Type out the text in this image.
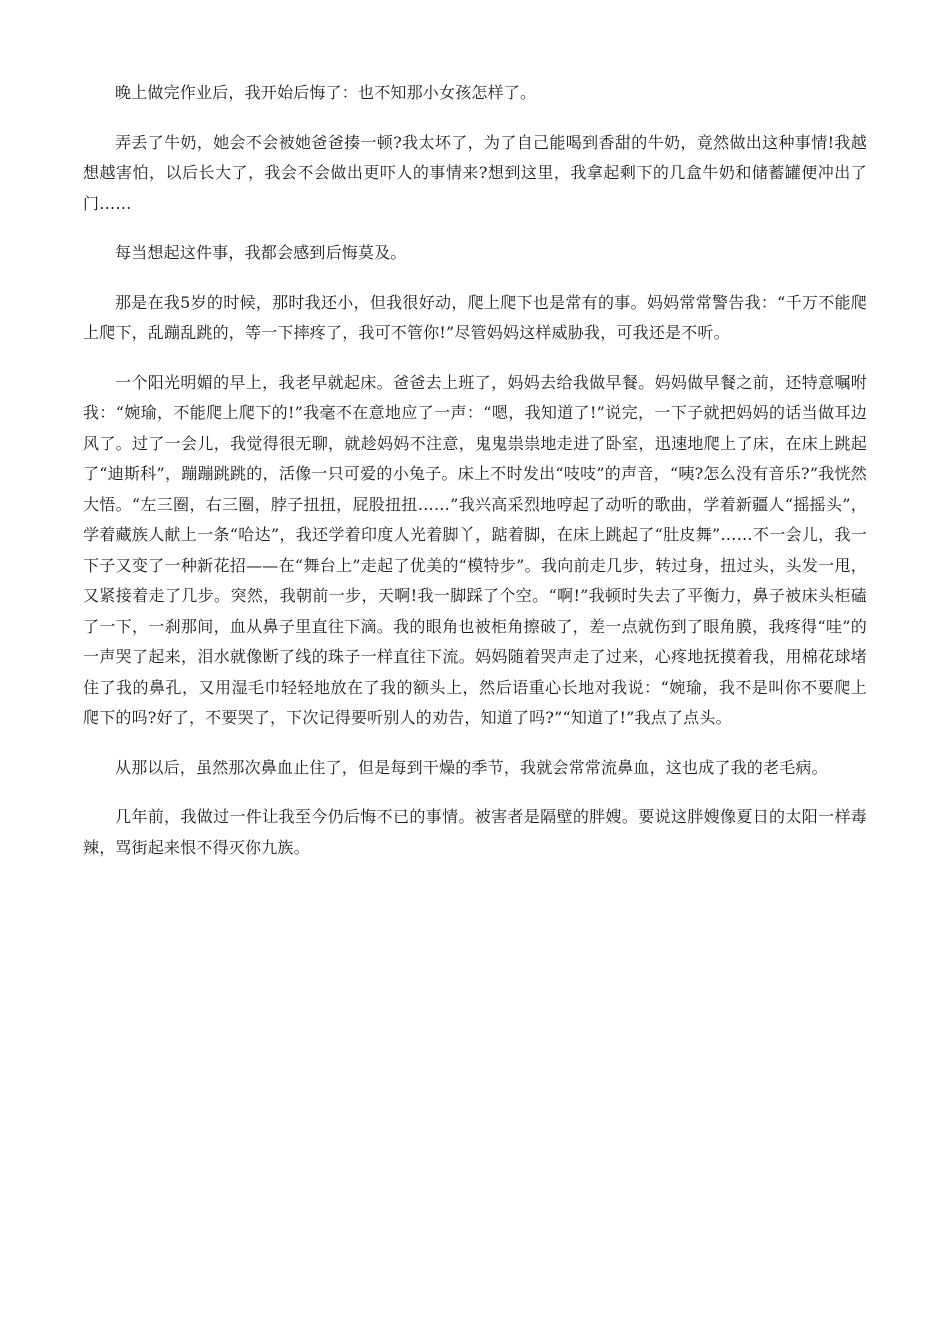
晚上做完作业后，我开始后悔了：也不知那小女孩怎样了。

弄丢了牛奶，她会不会被她爸爸揍一顿?我太坏了，为了自己能喝到香甜的牛奶，竟然做出这种事情!我越想越害怕，以后长大了，我会不会做出更吓人的事情来?想到这里，我拿起剩下的几盒牛奶和储蓄罐便冲出了门……

每当想起这件事，我都会感到后悔莫及。

那是在我5岁的时候，那时我还小，但我很好动，爬上爬下也是常有的事。妈妈常常警告我：“千万不能爬上爬下，乱蹦乱跳的，等一下摔疼了，我可不管你!”尽管妈妈这样威胁我，可我还是不听。

一个阳光明媚的早上，我老早就起床。爸爸去上班了，妈妈去给我做早餐。妈妈做早餐之前，还特意嘱咐我：“婉瑜，不能爬上爬下的!”我毫不在意地应了一声：“嗯，我知道了!”说完，一下子就把妈妈的话当做耳边风了。过了一会儿，我觉得很无聊，就趁妈妈不注意，鬼鬼祟祟地走进了卧室，迅速地爬上了床，在床上跳起了“迪斯科”，蹦蹦跳跳的，活像一只可爱的小兔子。床上不时发出“吱吱”的声音，“咦?怎么没有音乐?”我恍然大悟。“左三圈，右三圈，脖子扭扭，屁股扭扭……”我兴高采烈地哼起了动听的歌曲，学着新疆人“摇摇头”，学着藏族人献上一条“哈达”，我还学着印度人光着脚丫，踮着脚，在床上跳起了“肚皮舞”……不一会儿，我一下子又变了一种新花招——在“舞台上”走起了优美的“模特步”。我向前走几步，转过身，扭过头，头发一甩，又紧接着走了几步。突然，我朝前一步，天啊!我一脚踩了个空。“啊!”我顿时失去了平衡力，鼻子被床头柜磕了一下，一刹那间，血从鼻子里直往下滴。我的眼角也被柜角擦破了，差一点就伤到了眼角膜，我疼得“哇”的一声哭了起来，泪水就像断了线的珠子一样直往下流。妈妈随着哭声走了过来，心疼地抚摸着我，用棉花球堵住了我的鼻孔，又用湿毛巾轻轻地放在了我的额头上，然后语重心长地对我说：“婉瑜，我不是叫你不要爬上爬下的吗?好了，不要哭了，下次记得要听别人的劝告，知道了吗?”“知道了!”我点了点头。

从那以后，虽然那次鼻血止住了，但是每到干燥的季节，我就会常常流鼻血，这也成了我的老毛病。

几年前，我做过一件让我至今仍后悔不已的事情。被害者是隔壁的胖嫂。要说这胖嫂像夏日的太阳一样毒辣，骂街起来恨不得灭你九族。
